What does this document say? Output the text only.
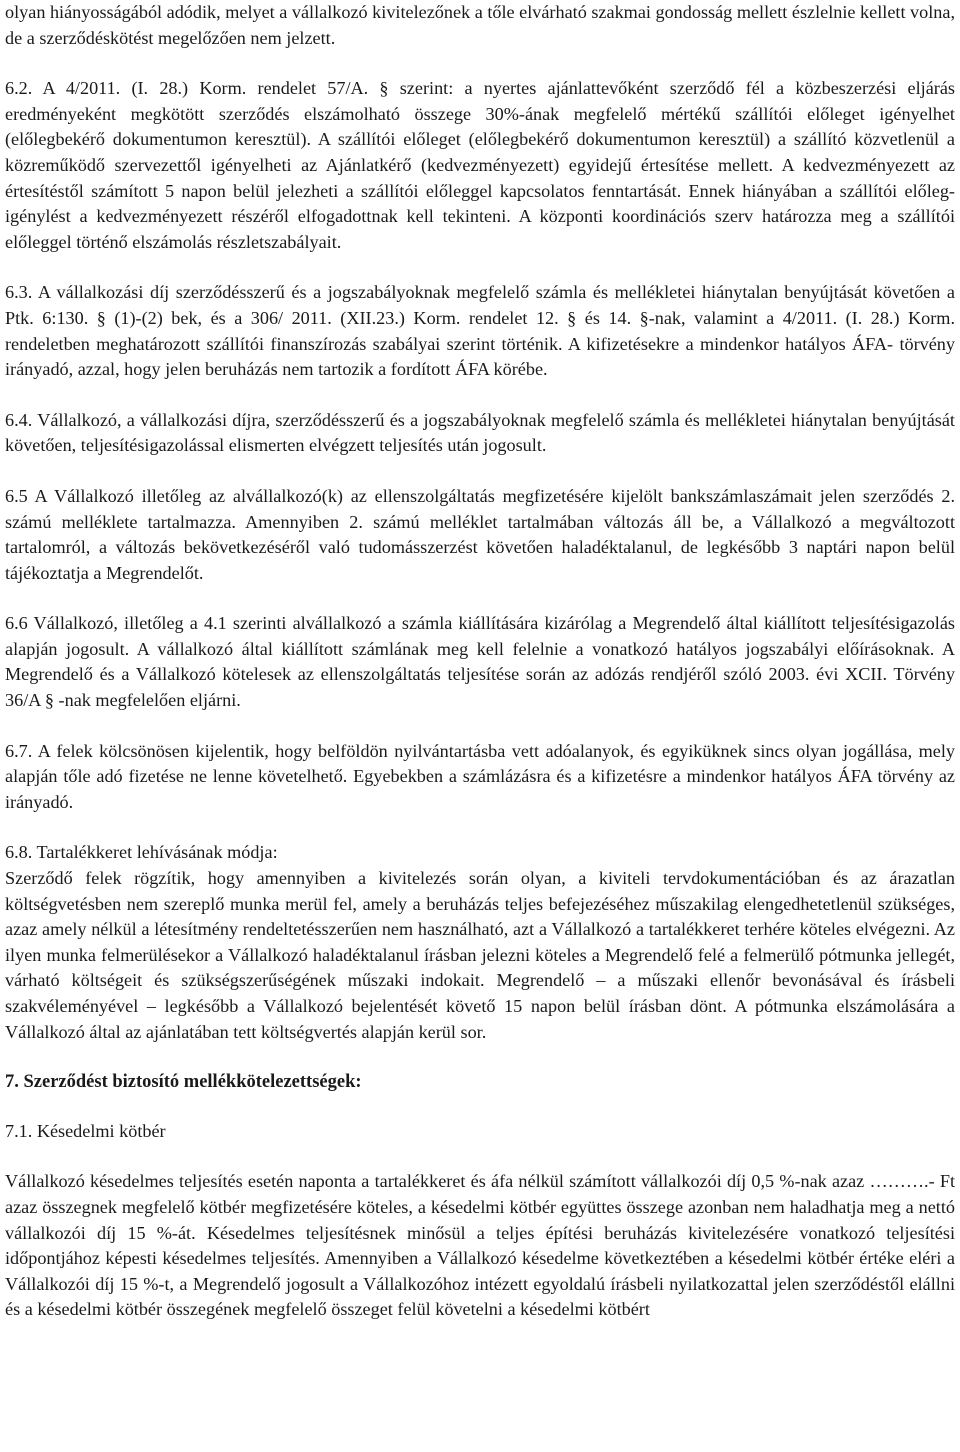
olyan hiányosságából adódik, melyet a vállalkozó kivitelezőnek a tőle elvárható szakmai gondosság mellett észlelnie kellett volna, de a szerződéskötést megelőzően nem jelzett.

6.2. A 4/2011. (I. 28.) Korm. rendelet 57/A. § szerint: a nyertes ajánlattevőként szerződő fél a közbeszerzési eljárás eredményeként megkötött szerződés elszámolható összege 30%-ának megfelelő mértékű szállítói előleget igényelhet (előlegbekérő dokumentumon keresztül). A szállítói előleget (előlegbekérő dokumentumon keresztül) a szállító közvetlenül a közreműködő szervezettől igényelheti az Ajánlatkérő (kedvezményezett) egyidejű értesítése mellett. A kedvezményezett az értesítéstől számított 5 napon belül jelezheti a szállítói előleggel kapcsolatos fenntartását. Ennek hiányában a szállítói előleg-igénylést a kedvezményezett részéről elfogadottnak kell tekinteni. A központi koordinációs szerv határozza meg a szállítói előleggel történő elszámolás részletszabályait.

6.3. A vállalkozási díj szerződésszerű és a jogszabályoknak megfelelő számla és mellékletei hiánytalan benyújtását követően a Ptk. 6:130. § (1)-(2) bek, és a 306/ 2011. (XII.23.) Korm. rendelet 12. § és 14. §-nak, valamint a 4/2011. (I. 28.) Korm. rendeletben meghatározott szállítói finanszírozás szabályai szerint történik. A kifizetésekre a mindenkor hatályos ÁFA- törvény irányadó, azzal, hogy jelen beruházás nem tartozik a fordított ÁFA körébe.

6.4. Vállalkozó, a vállalkozási díjra, szerződésszerű és a jogszabályoknak megfelelő számla és mellékletei hiánytalan benyújtását követően, teljesítésigazolással elismerten elvégzett teljesítés után jogosult.

6.5 A Vállalkozó illetőleg az alvállalkozó(k) az ellenszolgáltatás megfizetésére kijelölt bankszámlaszámait jelen szerződés 2. számú melléklete tartalmazza. Amennyiben 2. számú melléklet tartalmában változás áll be, a Vállalkozó a megváltozott tartalomról, a változás bekövetkezéséről való tudomásszerzést követően haladéktalanul, de legkésőbb 3 naptári napon belül tájékoztatja a Megrendelőt.

6.6 Vállalkozó, illetőleg a 4.1 szerinti alvállalkozó a számla kiállítására kizárólag a Megrendelő által kiállított teljesítésigazolás alapján jogosult. A vállalkozó által kiállított számlának meg kell felelnie a vonatkozó hatályos jogszabályi előírásoknak. A Megrendelő és a Vállalkozó kötelesek az ellenszolgáltatás teljesítése során az adózás rendjéről szóló 2003. évi XCII. Törvény 36/A § -nak megfelelően eljárni.

6.7. A felek kölcsönösen kijelentik, hogy belföldön nyilvántartásba vett adóalanyok, és egyiküknek sincs olyan jogállása, mely alapján tőle adó fizetése ne lenne követelhető. Egyebekben a számlázásra és a kifizetésre a mindenkor hatályos ÁFA törvény az irányadó.

6.8. Tartalékkeret lehívásának módja:

Szerződő felek rögzítik, hogy amennyiben a kivitelezés során olyan, a kiviteli tervdokumentációban és az árazatlan költségvetésben nem szereplő munka merül fel, amely a beruházás teljes befejezéséhez műszakilag elengedhetetlenül szükséges, azaz amely nélkül a létesítmény rendeltetésszerűen nem használható, azt a Vállalkozó a tartalékkeret terhére köteles elvégezni. Az ilyen munka felmerülésekor a Vállalkozó haladéktalanul írásban jelezni köteles a Megrendelő felé a felmerülő pótmunka jellegét, várható költségeit és szükségszerűségének műszaki indokait. Megrendelő – a műszaki ellenőr bevonásával és írásbeli szakvéleményével – legkésőbb a Vállalkozó bejelentését követő 15 napon belül írásban dönt. A pótmunka elszámolására a Vállalkozó által az ajánlatában tett költségvertés alapján kerül sor.

7. Szerződést biztosító mellékkötelezettségek:

7.1. Késedelmi kötbér

Vállalkozó késedelmes teljesítés esetén naponta a tartalékkeret és áfa nélkül számított vállalkozói díj 0,5 %-nak azaz ……….- Ft azaz összegnek megfelelő kötbér megfizetésére köteles, a késedelmi kötbér együttes összege azonban nem haladhatja meg a nettó vállalkozói díj 15 %-át. Késedelmes teljesítésnek minősül a teljes építési beruházás kivitelezésére vonatkozó teljesítési időpontjához képesti késedelmes teljesítés. Amennyiben a Vállalkozó késedelme következtében a késedelmi kötbér értéke eléri a Vállalkozói díj 15 %-t, a Megrendelő jogosult a Vállalkozóhoz intézett egyoldalú írásbeli nyilatkozattal jelen szerződéstől elállni és a késedelmi kötbér összegének megfelelő összeget felül követelni a késedelmi kötbért
